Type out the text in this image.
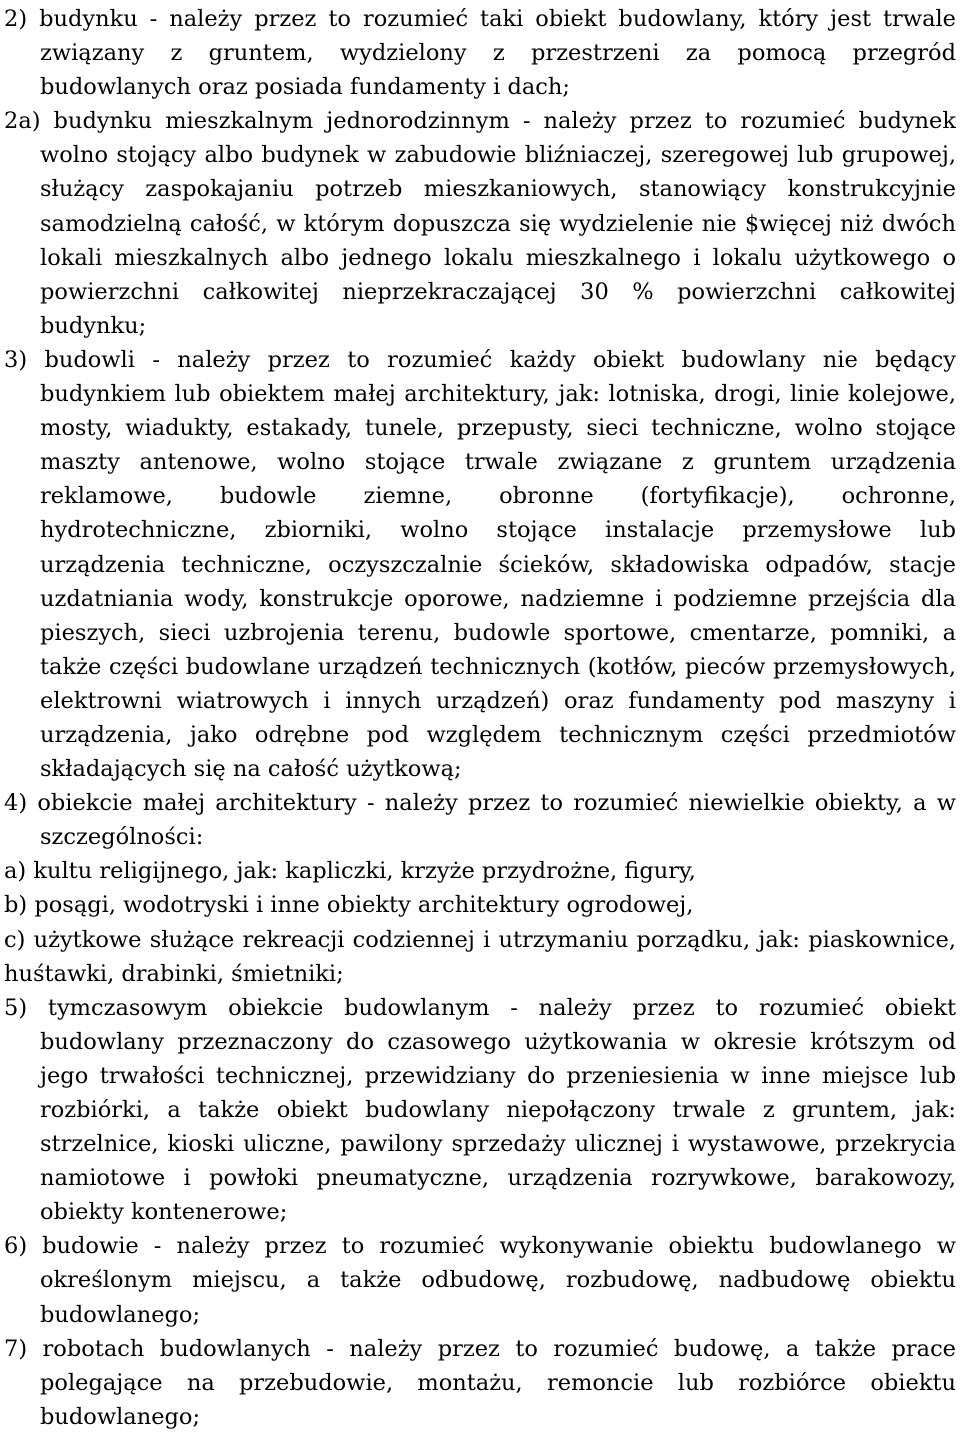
2) budynku - należy przez to rozumieć taki obiekt budowlany, który jest trwale związany z gruntem, wydzielony z przestrzeni za pomocą przegród budowlanych oraz posiada fundamenty i dach;

2a) budynku mieszkalnym jednorodzinnym - należy przez to rozumieć budynek wolno stojący albo budynek w zabudowie bliźniaczej, szeregowej lub grupowej, służący zaspokajaniu potrzeb mieszkaniowych, stanowiący konstrukcyjnie samodzielną całość, w którym dopuszcza się wydzielenie nie $więcej niż dwóch lokali mieszkalnych albo jednego lokalu mieszkalnego i lokalu użytkowego o powierzchni całkowitej nieprzekraczającej 30 % powierzchni całkowitej budynku;

3) budowli - należy przez to rozumieć każdy obiekt budowlany nie będący budynkiem lub obiektem małej architektury, jak: lotniska, drogi, linie kolejowe, mosty, wiadukty, estakady, tunele, przepusty, sieci techniczne, wolno stojące maszty antenowe, wolno stojące trwale związane z gruntem urządzenia reklamowe, budowle ziemne, obronne (fortyfikacje), ochronne, hydrotechniczne, zbiorniki, wolno stojące instalacje przemysłowe lub urządzenia techniczne, oczyszczalnie ścieków, składowiska odpadów, stacje uzdatniania wody, konstrukcje oporowe, nadziemne i podziemne przejścia dla pieszych, sieci uzbrojenia terenu, budowle sportowe, cmentarze, pomniki, a także części budowlane urządzeń technicznych (kotłów, pieców przemysłowych, elektrowni wiatrowych i innych urządzeń) oraz fundamenty pod maszyny i urządzenia, jako odrębne pod względem technicznym części przedmiotów składających się na całość użytkową;

4) obiekcie małej architektury - należy przez to rozumieć niewielkie obiekty, a w szczególności:

a) kultu religijnego, jak: kapliczki, krzyże przydrożne, figury,

b) posągi, wodotryski i inne obiekty architektury ogrodowej,

c) użytkowe służące rekreacji codziennej i utrzymaniu porządku, jak: piaskownice, huśtawki, drabinki, śmietniki;

5) tymczasowym obiekcie budowlanym - należy przez to rozumieć obiekt budowlany przeznaczony do czasowego użytkowania w okresie krótszym od jego trwałości technicznej, przewidziany do przeniesienia w inne miejsce lub rozbiórki, a także obiekt budowlany niepołączony trwale z gruntem, jak: strzelnice, kioski uliczne, pawilony sprzedaży ulicznej i wystawowe, przekrycia namiotowe i powłoki pneumatyczne, urządzenia rozrywkowe, barakowozy, obiekty kontenerowe;

6) budowie - należy przez to rozumieć wykonywanie obiektu budowlanego w określonym miejscu, a także odbudowę, rozbudowę, nadbudowę obiektu budowlanego;

7) robotach budowlanych - należy przez to rozumieć budowę, a także prace polegające na przebudowie, montażu, remoncie lub rozbiórce obiektu budowlanego;
